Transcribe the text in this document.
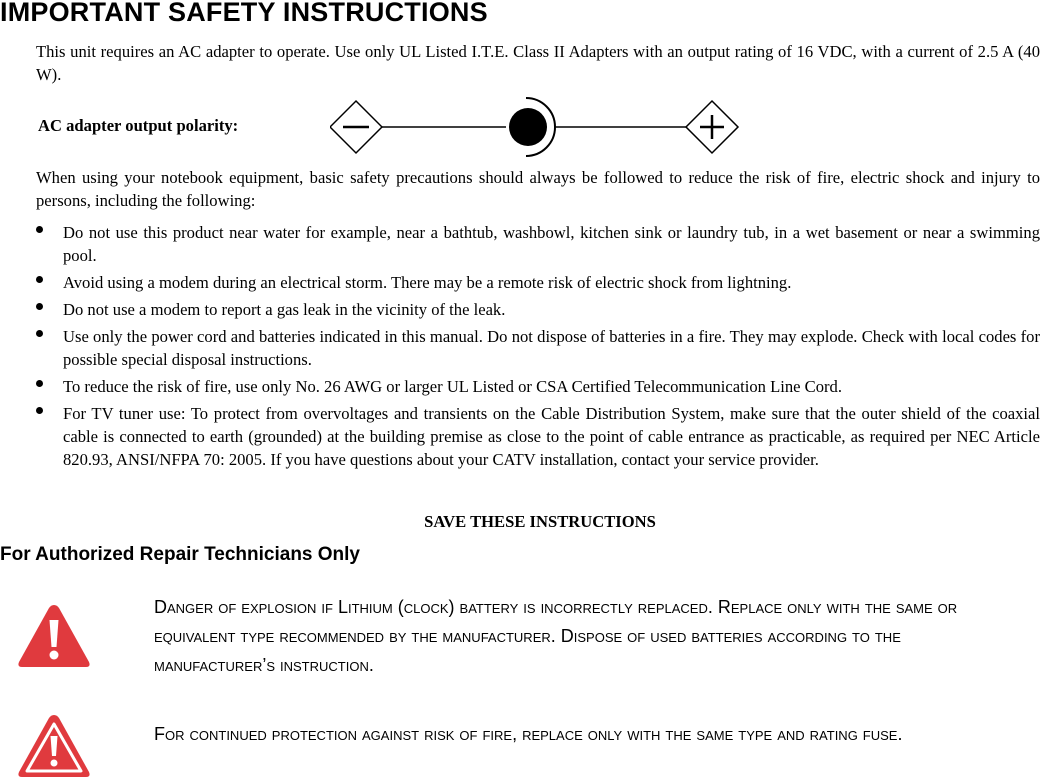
IMPORTANT SAFETY INSTRUCTIONS

This unit requires an AC adapter to operate. Use only UL Listed I.T.E. Class II Adapters with an output rating of 16 VDC, with a current of 2.5 A (40 W).

AC adapter output polarity:

When using your notebook equipment, basic safety precautions should always be followed to reduce the risk of fire, electric shock and injury to persons, including the following:

Do not use this product near water for example, near a bathtub, washbowl, kitchen sink or laundry tub, in a wet basement or near a swimming pool.
Avoid using a modem during an electrical storm. There may be a remote risk of electric shock from lightning.
Do not use a modem to report a gas leak in the vicinity of the leak.
Use only the power cord and batteries indicated in this manual. Do not dispose of batteries in a fire. They may explode. Check with local codes for possible special disposal instructions.
To reduce the risk of fire, use only No. 26 AWG or larger UL Listed or CSA Certified Telecommunication Line Cord.
For TV tuner use: To protect from overvoltages and transients on the Cable Distribution System, make sure that the outer shield of the coaxial cable is connected to earth (grounded) at the building premise as close to the point of cable entrance as practicable, as required per NEC Article 820.93, ANSI/NFPA 70: 2005. If you have questions about your CATV installation, contact your service provider.

SAVE THESE INSTRUCTIONS

For Authorized Repair Technicians Only

Danger of explosion if Lithium (clock) battery is incorrectly replaced. Replace only with the same or equivalent type recommended by the manufacturer. Dispose of used batteries according to the manufacturer’s instruction.

For continued protection against risk of fire, replace only with the same type and rating fuse.
